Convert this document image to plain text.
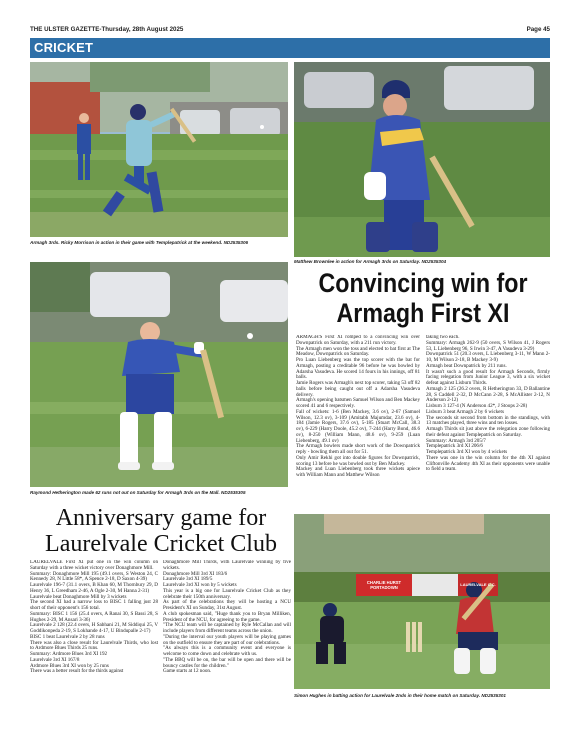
THE ULSTER GAZETTE-Thursday, 28th August 2025	Page 45
CRICKET
Armagh 3rds. Ricky Morrison in action in their game with Templepatrick at the weekend. ND2535306
Matthew Brownlee in action for Armagh 3rds on Saturday. ND2535304
Raymond Hetherington made 62 runs not out on Saturday for Armagh 3rds on the Mall. ND2535305
Convincing win for Armagh First XI

ARMAGH'S First XI romped to a convincing win over Downpatrick on Saturday, with a 211 run victory.

The Armagh men won the toss and elected to bat first at The Meadow, Downpatrick on Saturday.

Pro Luan Liebenberg was the top scorer with the bat for Armagh, posting a creditable 96 before he was bowled by Adarsha Vasudeva. He scored 14 fours in his innings, off 81 balls.

Jamie Rogers was Armagh's next top scorer, taking 53 off 82 balls before being caught out off a Adarsha Vasudeva delivery.

Armagh's opening batsmen Samuel Wilson and Ben Mackey scored 41 and 6 respectively.

Fall of wickets: 1-6 (Ben Mackey, 3.6 ov), 2-67 (Samuel Wilson, 12.3 ov), 3-109 (Amitabh Majumdar, 23.6 ov), 4-184 (Jamie Rogers, 37.6 ov), 5-185 (Stuart McCall, 38.3 ov), 6-229 (Harry Doole, 45.2 ov), 7-244 (Harry Bond, 46.6 ov), 8-250 (William Mann, 48.6 ov), 9-259 (Luan Liebenberg, 49.1 ov)

The Armagh bowlers made short work of the Downpatrick reply - bowling them all out for 51.

Only Amir Rekhi got into double figures for Downpatrick, scoring 13 before he was bowled out by Ben Mackey.

Mackey and Luan Liebenberg took three wickets apiece with William Mann and Matthew Wilson

taking two each.

Summary: Armagh 262-9 (50 overs, S Wilson 41, J Rogers 53, L Liebenberg 96, S Irwin 3-47, A Vasudeva 3-29)

Downpatrick 51 (20.3 overs, L Liebenberg 3-11, W Mann 2-10, M Wilson 2-18, B Mackey 3-9)

Armagh beat Downpatrick by 211 runs.

It wasn't such a good result for Armagh Seconds, firmly facing relegation from Junior League 3, with a six wicket defeat against Lisburn Thirds.

Armagh 2 125 (26.2 overs, R Hetherington 33, D Ballantine 28, S Caddell 2-32, D McCann 2-28, S McAllister 2-12, N Anderson 2-12)

Lisburn 3 127-4 (N Anderson 42*, J Stoops 2-28)

Lisburn 3 beat Armagh 2 by 6 wickets

The seconds sit second from bottom in the standings, with 13 matches played, three wins and ten losses.

Armagh Thirds sit just above the relegation zone following their defeat against Templepatrick on Saturday.

Summary: Armagh 3rd 205/7

Templepatrick 3rd XI 206/6

Templepatrick 3rd XI won by 4 wickets

There was one in the win column for the 4th XI against Cliftonville Academy 4th XI as their opponents were unable to field a team.

Anniversary game for Laurelvale Cricket Club

LAURELVALE First XI put one in the win column on Saturday with a three wicket victory over Donaghmore Mill.

Summary: Donaghmore Mill 195 (49.1 overs, S Weston 24, C Kennedy 28, N Little 58*, A Spence 2-18, D Saxon 4-39)

Laurelvale 196-7 (31.1 overs, B Khan 60, M Thornbury 29, D Henry 36, L Greedham 2-46, A Ogle 2-30, M Hanna 2-31)

Laurelvale beat Donaghmore Mill by 3 wickets

The second XI had a narrow loss to BISC 1 falling just 28 short of their opponent's 156 total.

Summary: BISC 1 156 (25.4 overs, A Ranai 30, S Bassi 28, S Hughes 2-29, M Ansari 3-36)

Laurelvale 2 128 (22.4 overs, H Sabhani 21, M Siddiqui 25, V Goddikonpeda 2-19, S Lokhande 4-17, U Bindupalle 2-17)

BISC 1 beat Laurelvale 2 by 28 runs

There was also a close result for Laurelvale Thirds, who lost to Ardmore Blues Thirds 25 runs.

Summary: Ardmore Blues 3rd XI 192

Laurelvale 3rd XI 167/8

Ardmore Blues 3rd XI won by 25 runs

There was a better result for the thirds against

Donaghmore Mill Thirds, with Laurelvale winning by five wickets.

Donaghmore Mill 3rd XI 183/6

Laurelvale 3rd XI 189/5

Laurelvale 3rd XI won by 5 wickets

This year is a big one for Laurelvale Cricket Club as they celebrate their 150th anniversary.

As part of the celebrations they will be hosting a NCU President's XI on Sunday, 31st August.

A club spokesman said, "Huge thank you to Bryan Milliken, President of the NCU, for agreeing to the game.

"The NCU team will be captained by Ryle McCallan and will include players from different teams across the union.

"During the interval our youth players will be playing games on the outfield to ensure they are part of our celebrations.

"As always this is a community event and everyone is welcome to come down and celebrate with us.

"The BBQ will be on, the bar will be open and there will be bouncy castles for the children."

Game starts at 12 noon.

CHARLIE HURST PORTADOWN
LAURELVALE C.C.
Simon Hughes in batting action for Laurelvale 2nds in their home match on Saturday. ND2535301
